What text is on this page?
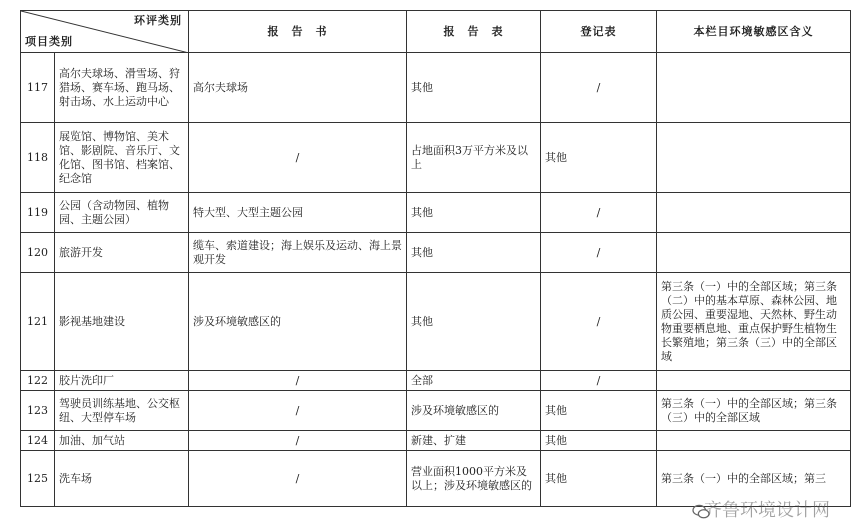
环评类别
项目类别		报　告　书	报　告　表	登记表	本栏目环境敏感区含义
117	高尔夫球场、滑雪场、狩猎场、赛车场、跑马场、射击场、水上运动中心	高尔夫球场	其他	/	
118	展览馆、博物馆、美术馆、影剧院、音乐厅、文化馆、图书馆、档案馆、纪念馆	/	占地面积3万平方米及以上	其他	
119	公园（含动物园、植物园、主题公园）	特大型、大型主题公园	其他	/	
120	旅游开发	缆车、索道建设；海上娱乐及运动、海上景观开发	其他	/	
121	影视基地建设	涉及环境敏感区的	其他	/	第三条（一）中的全部区域；第三条（二）中的基本草原、森林公园、地质公园、重要湿地、天然林、野生动物重要栖息地、重点保护野生植物生长繁殖地；第三条（三）中的全部区域
122	胶片洗印厂	/	全部	/	
123	驾驶员训练基地、公交枢纽、大型停车场	/	涉及环境敏感区的	其他	第三条（一）中的全部区域；第三条（三）中的全部区域
124	加油、加气站	/	新建、扩建	其他	
125	洗车场	/	营业面积1000平方米及以上；涉及环境敏感区的	其他	第三条（一）中的全部区域；第三
齐鲁环境设计网
